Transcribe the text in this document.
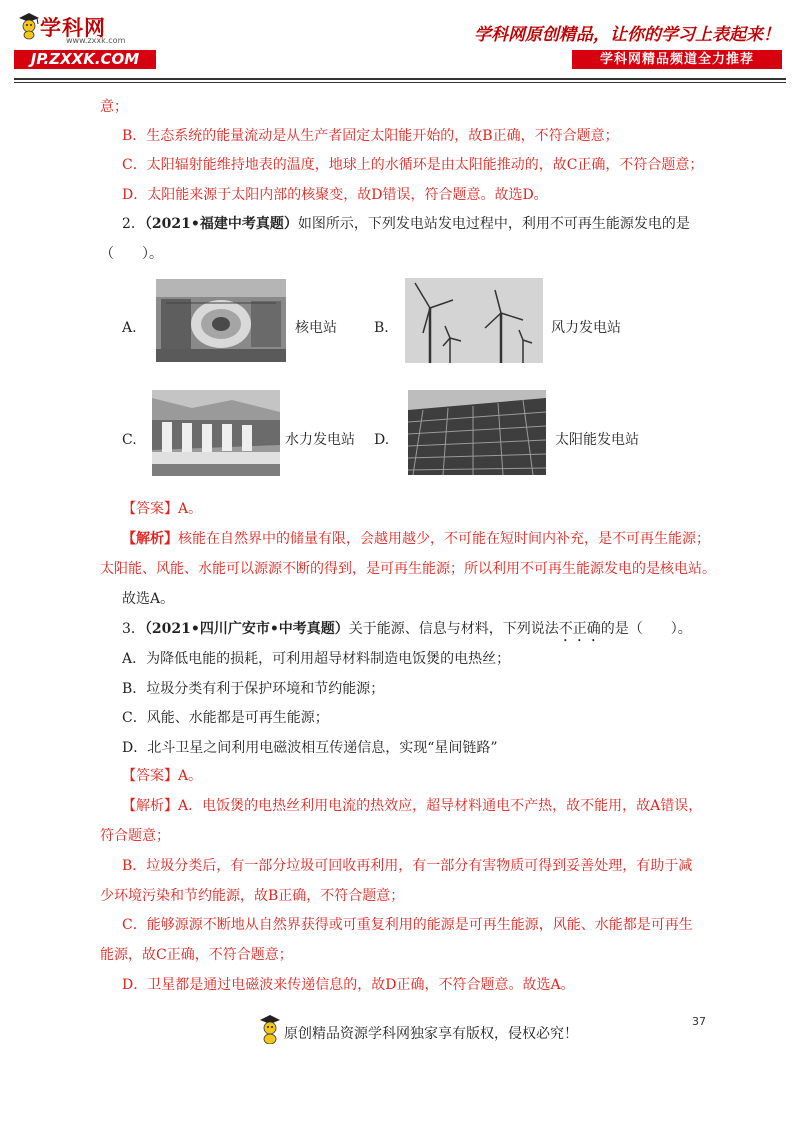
学科网
www.zxxk.com
JP.ZXXK.COM
学科网原创精品，让你的学习上表起来！
学科网精品频道全力推荐
意；
B．生态系统的能量流动是从生产者固定太阳能开始的，故B正确，不符合题意；
C．太阳辐射能维持地表的温度，地球上的水循环是由太阳能推动的，故C正确，不符合题意；
D．太阳能来源于太阳内部的核聚变，故D错误，符合题意。故选D。
2．（2021•福建中考真题）如图所示，下列发电站发电过程中，利用不可再生能源发电的是
（　　）。
A.	核电站	B.	风力发电站
C.	水力发电站 D.	太阳能发电站
【答案】A。
【解析】核能在自然界中的储量有限，会越用越少，不可能在短时间内补充，是不可再生能源；
太阳能、风能、水能可以源源不断的得到，是可再生能源；所以利用不可再生能源发电的是核电站。
故选A。
3．（2021•四川广安市•中考真题）关于能源、信息与材料，下列说法不正确的是（　　）。
A．为降低电能的损耗，可利用超导材料制造电饭煲的电热丝；
B．垃圾分类有利于保护环境和节约能源；
C．风能、水能都是可再生能源；
D．北斗卫星之间利用电磁波相互传递信息，实现“星间链路”
【答案】A。
【解析】A．电饭煲的电热丝利用电流的热效应，超导材料通电不产热，故不能用，故A错误，
符合题意；
B．垃圾分类后，有一部分垃圾可回收再利用，有一部分有害物质可得到妥善处理，有助于减
少环境污染和节约能源，故B正确，不符合题意；
C．能够源源不断地从自然界获得或可重复利用的能源是可再生能源，风能、水能都是可再生
能源，故C正确，不符合题意；
D．卫星都是通过电磁波来传递信息的，故D正确，不符合题意。故选A。
37
原创精品资源学科网独家享有版权，侵权必究！
